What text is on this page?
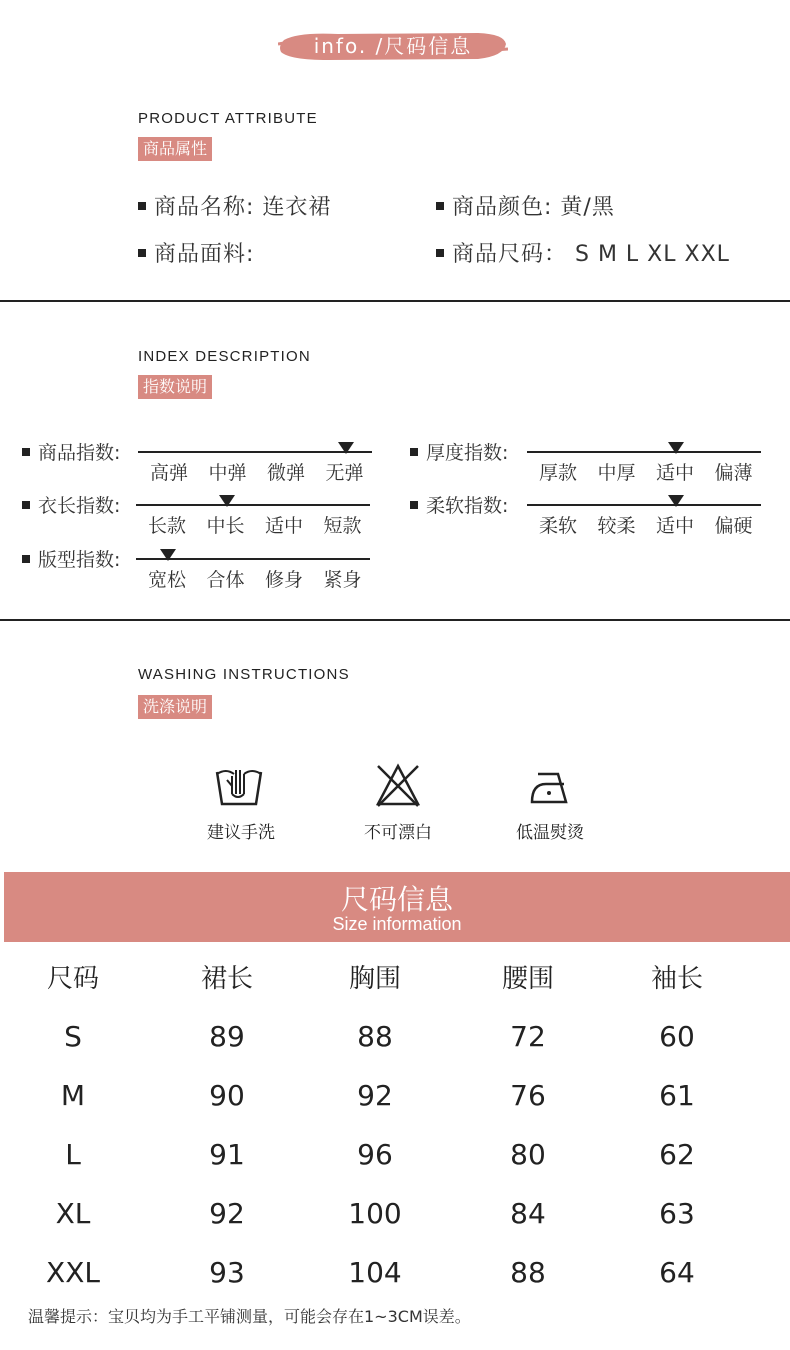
info. /尺码信息
PRODUCT ATTRIBUTE
商品属性
商品名称: 连衣裙	商品颜色: 黄/黑
商品面料:	商品尺码： S M L XL XXL
INDEX DESCRIPTION
指数说明
商品指数:
高弹 中弹 微弹 无弹
衣长指数:
长款 中长 适中 短款
版型指数:
宽松 合体 修身 紧身
厚度指数:
厚款 中厚 适中 偏薄
柔软指数:
柔软 较柔 适中 偏硬
WASHING INSTRUCTIONS
洗涤说明
建议手洗	不可漂白	低温熨烫
尺码信息
Size information
尺码	裙长	胸围	腰围	袖长
S	89	88	72	60
M	90	92	76	61
L	91	96	80	62
XL	92	100	84	63
XXL	93	104	88	64
温馨提示：宝贝均为手工平铺测量，可能会存在1~3CM误差。
